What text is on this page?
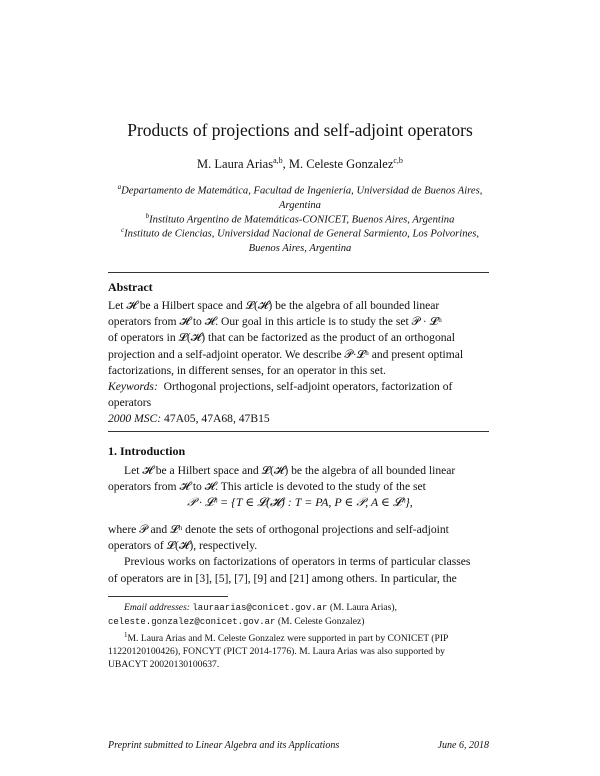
Products of projections and self-adjoint operators
M. Laura Arias$^{a,b}$, M. Celeste Gonzalez$^{c,b}$
$^a$Departamento de Matemática, Facultad de Ingeniería, Universidad de Buenos Aires,
Argentina
$^b$Instituto Argentino de Matemáticas-CONICET, Buenos Aires, Argentina
$^c$Instituto de Ciencias, Universidad Nacional de General Sarmiento, Los Polvorines,
Buenos Aires, Argentina
Abstract
Let 𝓗 be a Hilbert space and 𝓛(𝓗) be the algebra of all bounded linear
operators from 𝓗 to 𝓗. Our goal in this article is to study the set 𝒫 · 𝓛ʰ
of operators in 𝓛(𝓗) that can be factorized as the product of an orthogonal
projection and a self-adjoint operator. We describe 𝒫·𝓛ʰ and present optimal
factorizations, in different senses, for an operator in this set.
Keywords: Orthogonal projections, self-adjoint operators, factorization of
operators
2000 MSC: 47A05, 47A68, 47B15
1. Introduction
Let 𝓗 be a Hilbert space and 𝓛(𝓗) be the algebra of all bounded linear
operators from 𝓗 to 𝓗. This article is devoted to the study of the set
𝒫 · 𝓛ʰ = {T ∈ 𝓛(𝓗) : T = PA, P ∈ 𝒫, A ∈ 𝓛ʰ},
where 𝒫 and 𝓛ʰ denote the sets of orthogonal projections and self-adjoint
operators of 𝓛(𝓗), respectively.
Previous works on factorizations of operators in terms of particular classes
of operators are in [3], [5], [7], [9] and [21] among others. In particular, the
Email addresses: lauraarias@conicet.gov.ar (M. Laura Arias),
celeste.gonzalez@conicet.gov.ar (M. Celeste Gonzalez)
$^1$M. Laura Arias and M. Celeste Gonzalez were supported in part by CONICET (PIP
11220120100426), FONCYT (PICT 2014-1776). M. Laura Arias was also supported by
UBACYT 20020130100637.
Preprint submitted to Linear Algebra and its Applications	June 6, 2018
